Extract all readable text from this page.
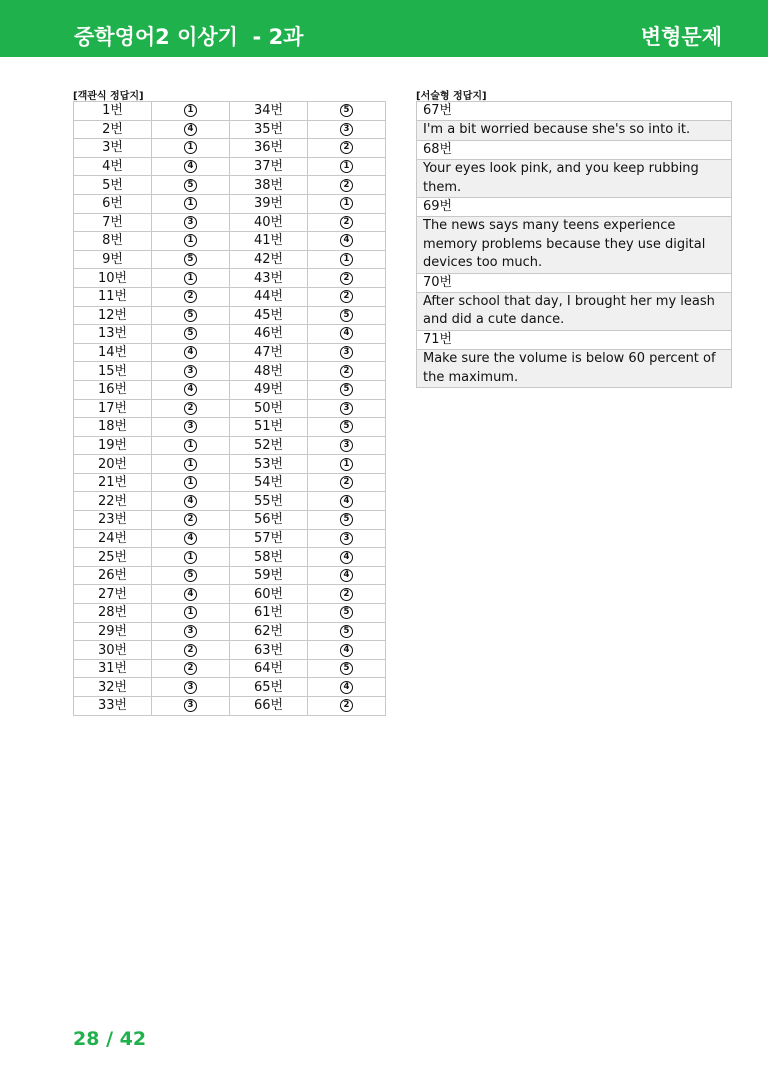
중학영어2 이상기  - 2과	변형문제
[객관식 정답지]	[서술형 정답지]
1번	1	34번	5
2번	4	35번	3
3번	1	36번	2
4번	4	37번	1
5번	5	38번	2
6번	1	39번	1
7번	3	40번	2
8번	1	41번	4
9번	5	42번	1
10번	1	43번	2
11번	2	44번	2
12번	5	45번	5
13번	5	46번	4
14번	4	47번	3
15번	3	48번	2
16번	4	49번	5
17번	2	50번	3
18번	3	51번	5
19번	1	52번	3
20번	1	53번	1
21번	1	54번	2
22번	4	55번	4
23번	2	56번	5
24번	4	57번	3
25번	1	58번	4
26번	5	59번	4
27번	4	60번	2
28번	1	61번	5
29번	3	62번	5
30번	2	63번	4
31번	2	64번	5
32번	3	65번	4
33번	3	66번	2
67번
I'm a bit worried because she's so into it.
68번
Your eyes look pink, and you keep rubbing them.
69번
The news says many teens experience memory problems because they use digital devices too much.
70번
After school that day, I brought her my leash and did a cute dance.
71번
Make sure the volume is below 60 percent of the maximum.
28 / 42
